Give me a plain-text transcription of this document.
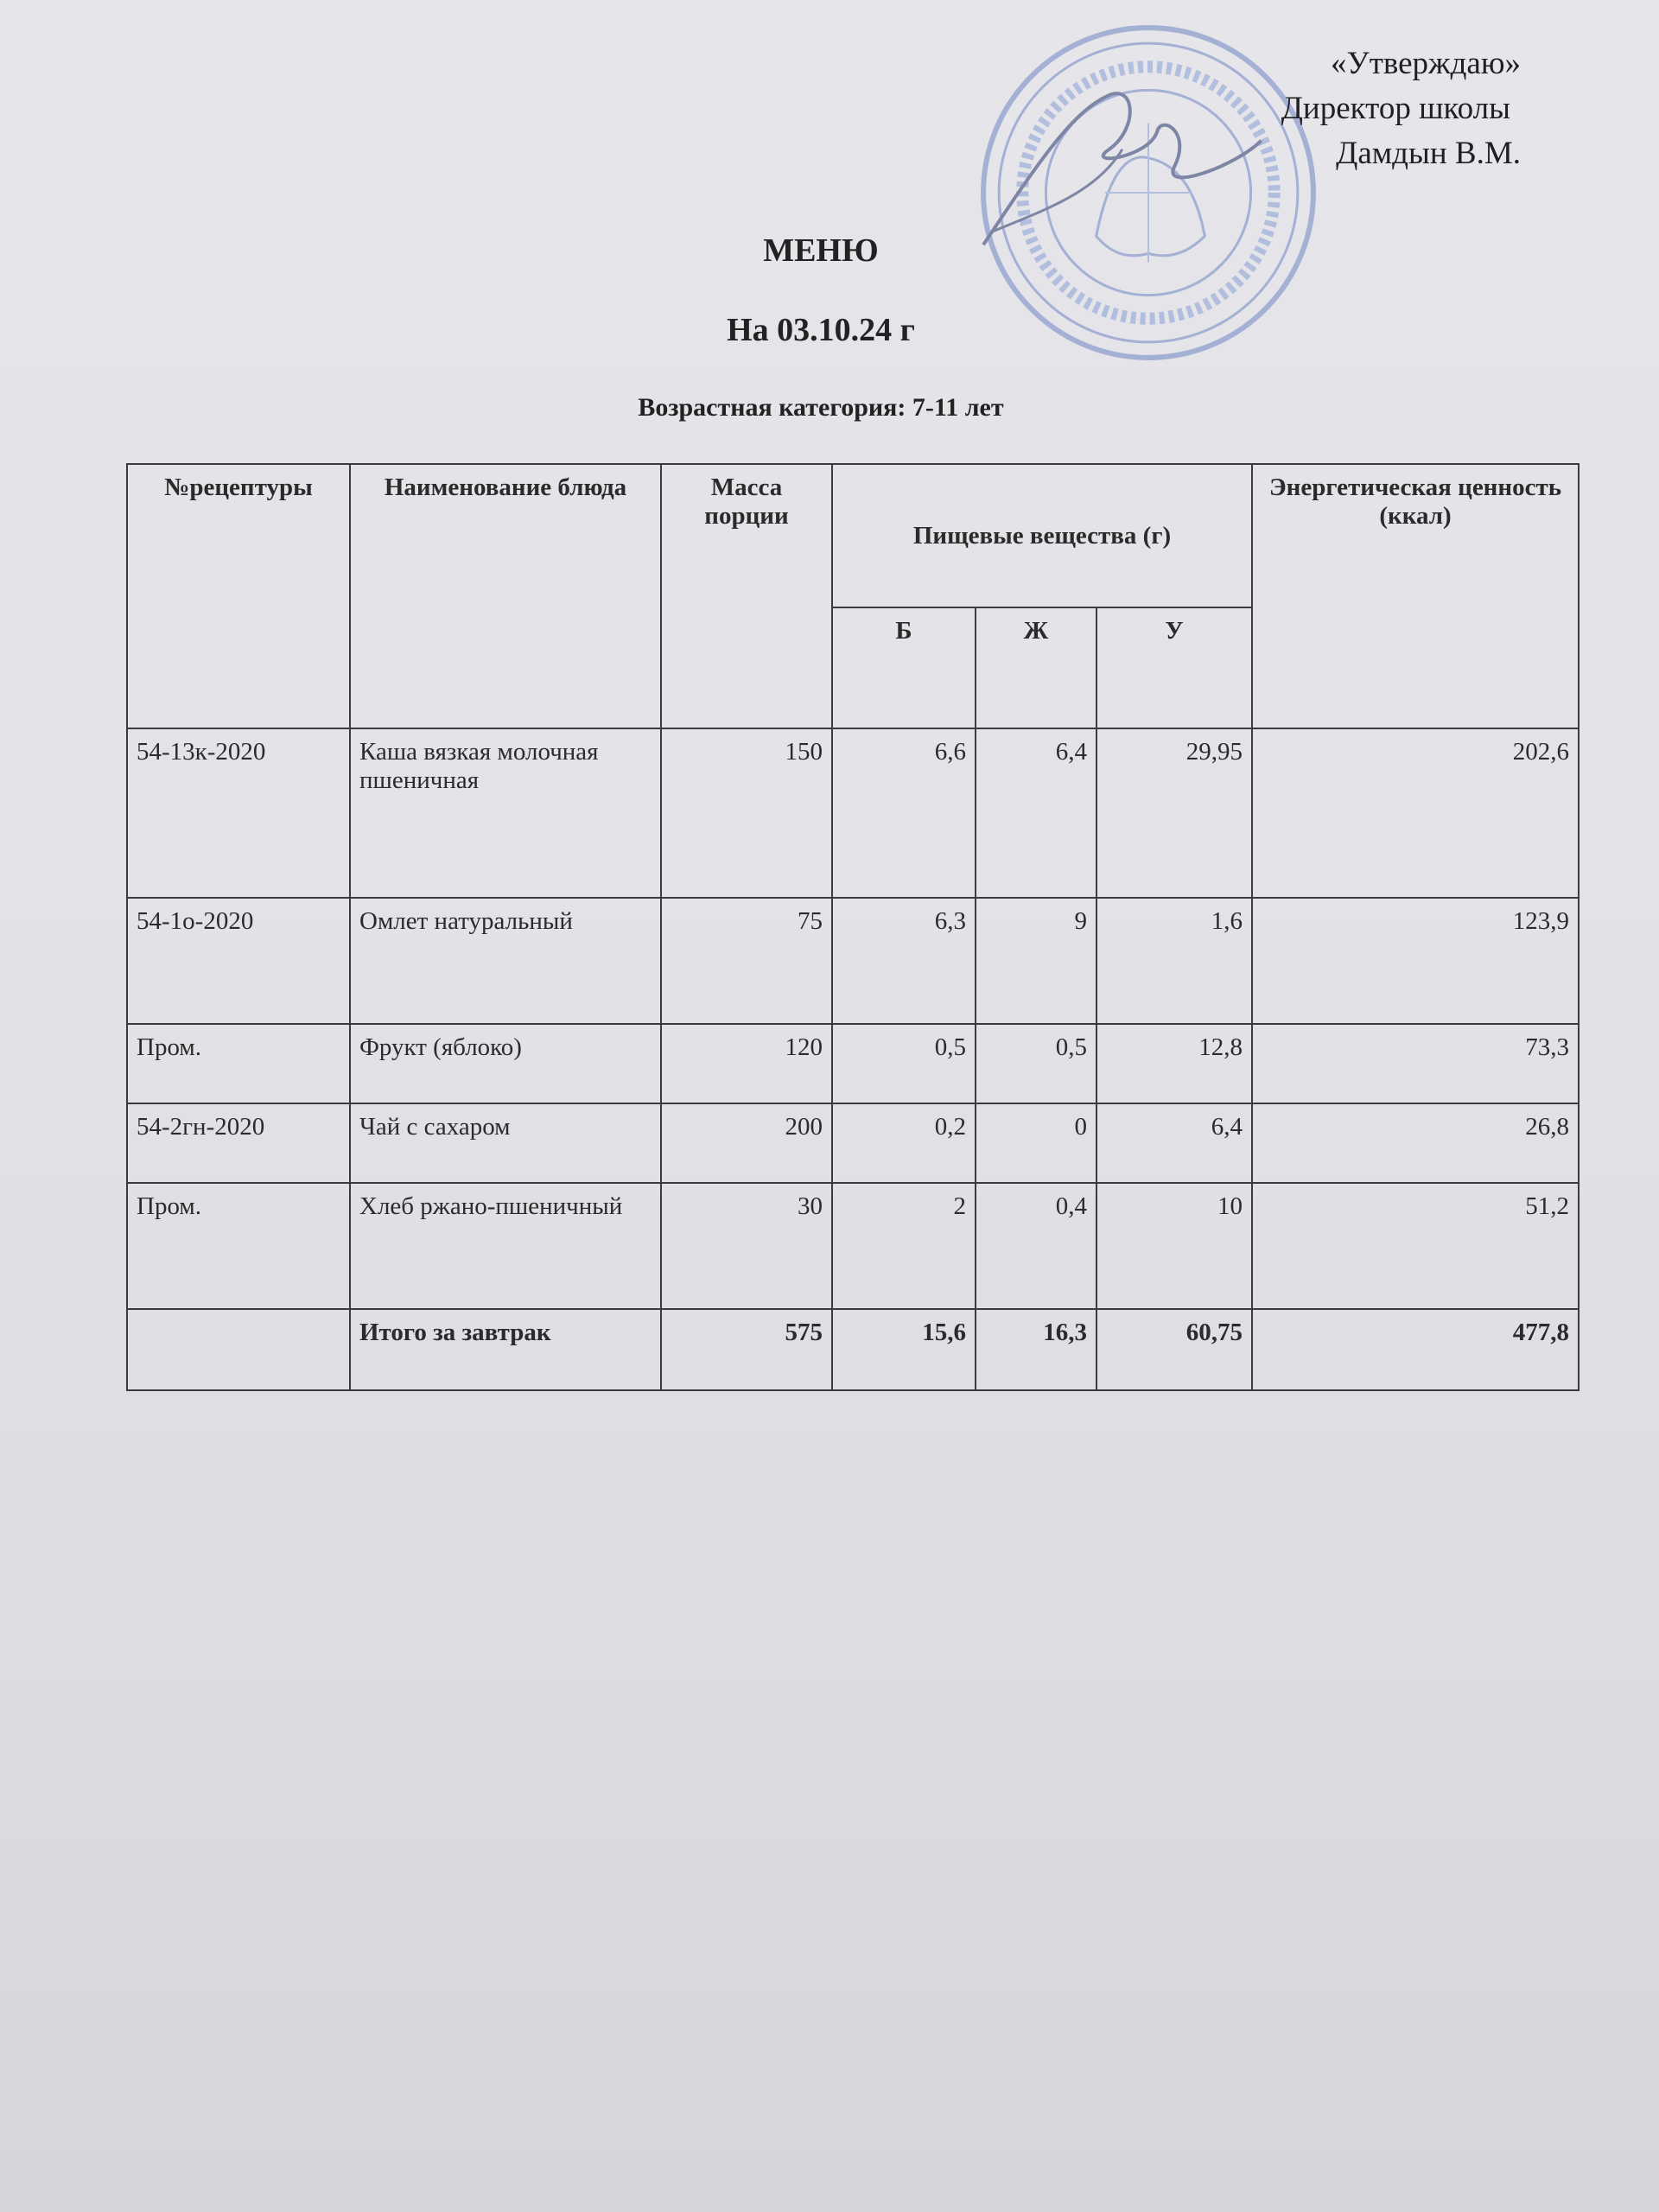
«Утверждаю»
Директор школы
Дамдын В.М.
МЕНЮ
На 03.10.24 г
Возрастная категория: 7-11 лет
№рецептуры	Наименование блюда	Масса порции	Пищевые вещества (г)			Энергетическая ценность (ккал)
			Б	Ж	У	
54-13к-2020	Каша вязкая молочная пшеничная	150	6,6	6,4	29,95	202,6
54-1о-2020	Омлет натуральный	75	6,3	9	1,6	123,9
Пром.	Фрукт (яблоко)	120	0,5	0,5	12,8	73,3
54-2гн-2020	Чай с сахаром	200	0,2	0	6,4	26,8
Пром.	Хлеб ржано-пшеничный	30	2	0,4	10	51,2
	Итого за завтрак	575	15,6	16,3	60,75	477,8
